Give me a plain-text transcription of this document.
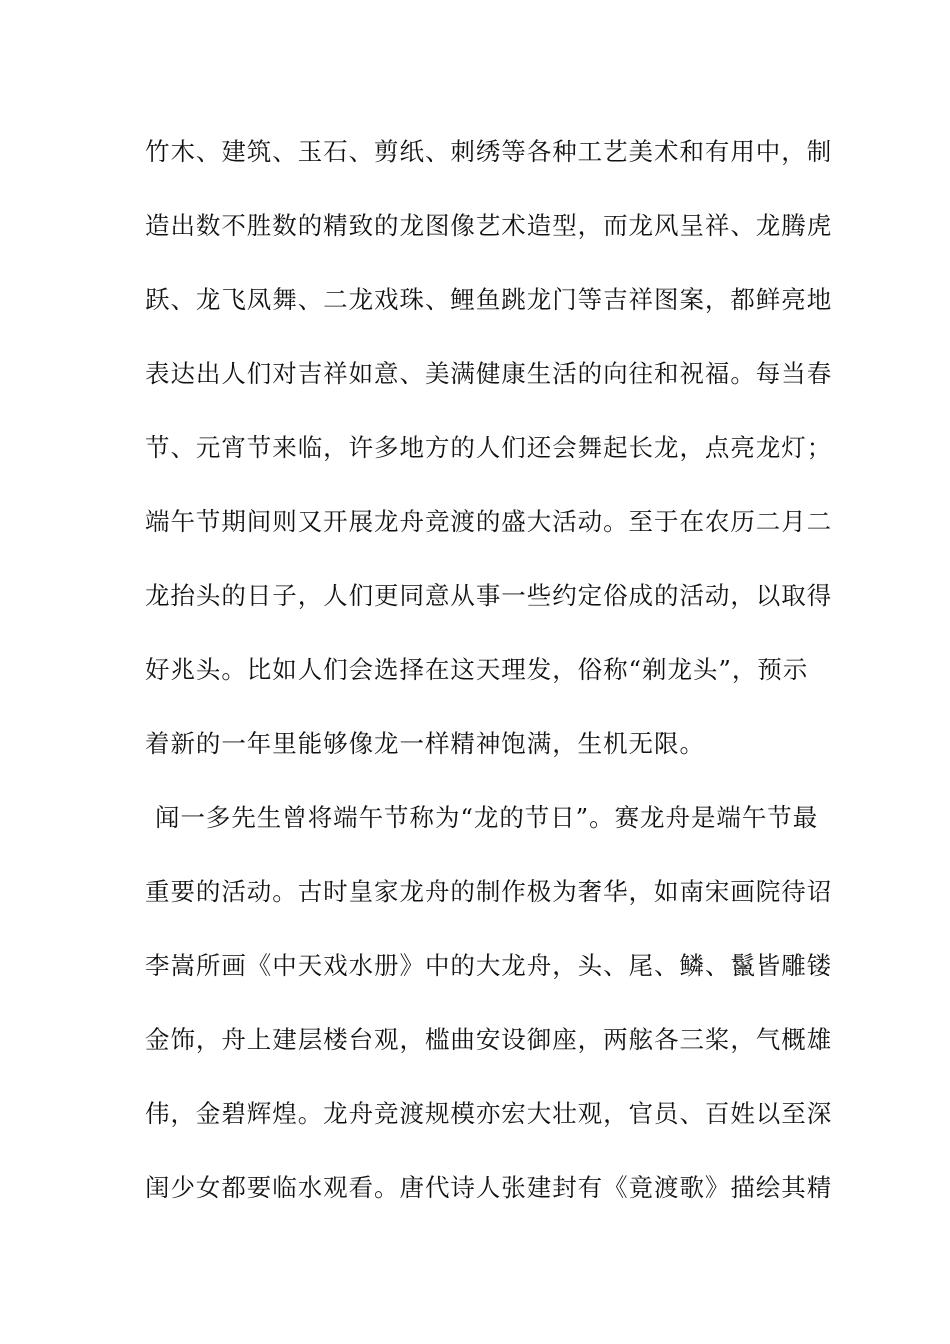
竹木、建筑、玉石、剪纸、刺绣等各种工艺美术和有用中，制
造出数不胜数的精致的龙图像艺术造型，而龙风呈祥、龙腾虎
跃、龙飞凤舞、二龙戏珠、鲤鱼跳龙门等吉祥图案，都鲜亮地
表达出人们对吉祥如意、美满健康生活的向往和祝福。每当春
节、元宵节来临，许多地方的人们还会舞起长龙，点亮龙灯；
端午节期间则又开展龙舟竞渡的盛大活动。至于在农历二月二
龙抬头的日子，人们更同意从事一些约定俗成的活动，以取得
好兆头。比如人们会选择在这天理发，俗称“剃龙头”，预示
着新的一年里能够像龙一样精神饱满，生机无限。
闻一多先生曾将端午节称为“龙的节日”。赛龙舟是端午节最
重要的活动。古时皇家龙舟的制作极为奢华，如南宋画院待诏
李嵩所画《中天戏水册》中的大龙舟，头、尾、鳞、鬣皆雕镂
金饰，舟上建层楼台观，槛曲安设御座，两舷各三桨，气概雄
伟，金碧辉煌。龙舟竞渡规模亦宏大壮观，官员、百姓以至深
闺少女都要临水观看。唐代诗人张建封有《竟渡歌》描绘其精
